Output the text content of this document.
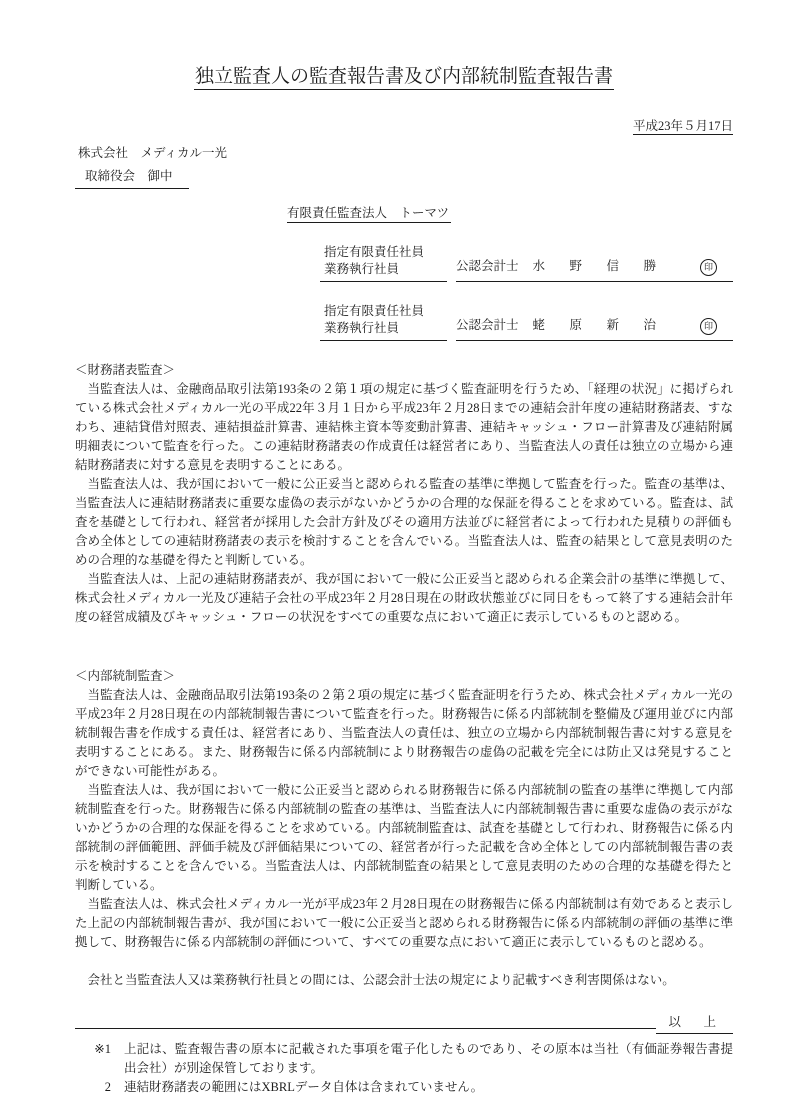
独立監査人の監査報告書及び内部統制監査報告書
平成23年５月17日
株式会社　メディカル一光
取締役会　御中
有限責任監査法人　トーマツ
指定有限責任社員
業務執行社員	公認会計士 水　野　信　勝	印
指定有限責任社員
業務執行社員	公認会計士 蛯　原　新　治	印
＜財務諸表監査＞

当監査法人は、金融商品取引法第193条の２第１項の規定に基づく監査証明を行うため、「経理の状況」に掲げられている株式会社メディカル一光の平成22年３月１日から平成23年２月28日までの連結会計年度の連結財務諸表、すなわち、連結貸借対照表、連結損益計算書、連結株主資本等変動計算書、連結キャッシュ・フロー計算書及び連結附属明細表について監査を行った。この連結財務諸表の作成責任は経営者にあり、当監査法人の責任は独立の立場から連結財務諸表に対する意見を表明することにある。

当監査法人は、我が国において一般に公正妥当と認められる監査の基準に準拠して監査を行った。監査の基準は、当監査法人に連結財務諸表に重要な虚偽の表示がないかどうかの合理的な保証を得ることを求めている。監査は、試査を基礎として行われ、経営者が採用した会計方針及びその適用方法並びに経営者によって行われた見積りの評価も含め全体としての連結財務諸表の表示を検討することを含んでいる。当監査法人は、監査の結果として意見表明のための合理的な基礎を得たと判断している。

当監査法人は、上記の連結財務諸表が、我が国において一般に公正妥当と認められる企業会計の基準に準拠して、株式会社メディカル一光及び連結子会社の平成23年２月28日現在の財政状態並びに同日をもって終了する連結会計年度の経営成績及びキャッシュ・フローの状況をすべての重要な点において適正に表示しているものと認める。

＜内部統制監査＞

当監査法人は、金融商品取引法第193条の２第２項の規定に基づく監査証明を行うため、株式会社メディカル一光の平成23年２月28日現在の内部統制報告書について監査を行った。財務報告に係る内部統制を整備及び運用並びに内部統制報告書を作成する責任は、経営者にあり、当監査法人の責任は、独立の立場から内部統制報告書に対する意見を表明することにある。また、財務報告に係る内部統制により財務報告の虚偽の記載を完全には防止又は発見することができない可能性がある。

当監査法人は、我が国において一般に公正妥当と認められる財務報告に係る内部統制の監査の基準に準拠して内部統制監査を行った。財務報告に係る内部統制の監査の基準は、当監査法人に内部統制報告書に重要な虚偽の表示がないかどうかの合理的な保証を得ることを求めている。内部統制監査は、試査を基礎として行われ、財務報告に係る内部統制の評価範囲、評価手続及び評価結果についての、経営者が行った記載を含め全体としての内部統制報告書の表示を検討することを含んでいる。当監査法人は、内部統制監査の結果として意見表明のための合理的な基礎を得たと判断している。

当監査法人は、株式会社メディカル一光が平成23年２月28日現在の財務報告に係る内部統制は有効であると表示した上記の内部統制報告書が、我が国において一般に公正妥当と認められる財務報告に係る内部統制の評価の基準に準拠して、財務報告に係る内部統制の評価について、すべての重要な点において適正に表示しているものと認める。

会社と当監査法人又は業務執行社員との間には、公認会計士法の規定により記載すべき利害関係はない。

以　上
※1 上記は、監査報告書の原本に記載された事項を電子化したものであり、その原本は当社（有価証券報告書提出会社）が別途保管しております。
2 連結財務諸表の範囲にはXBRLデータ自体は含まれていません。
